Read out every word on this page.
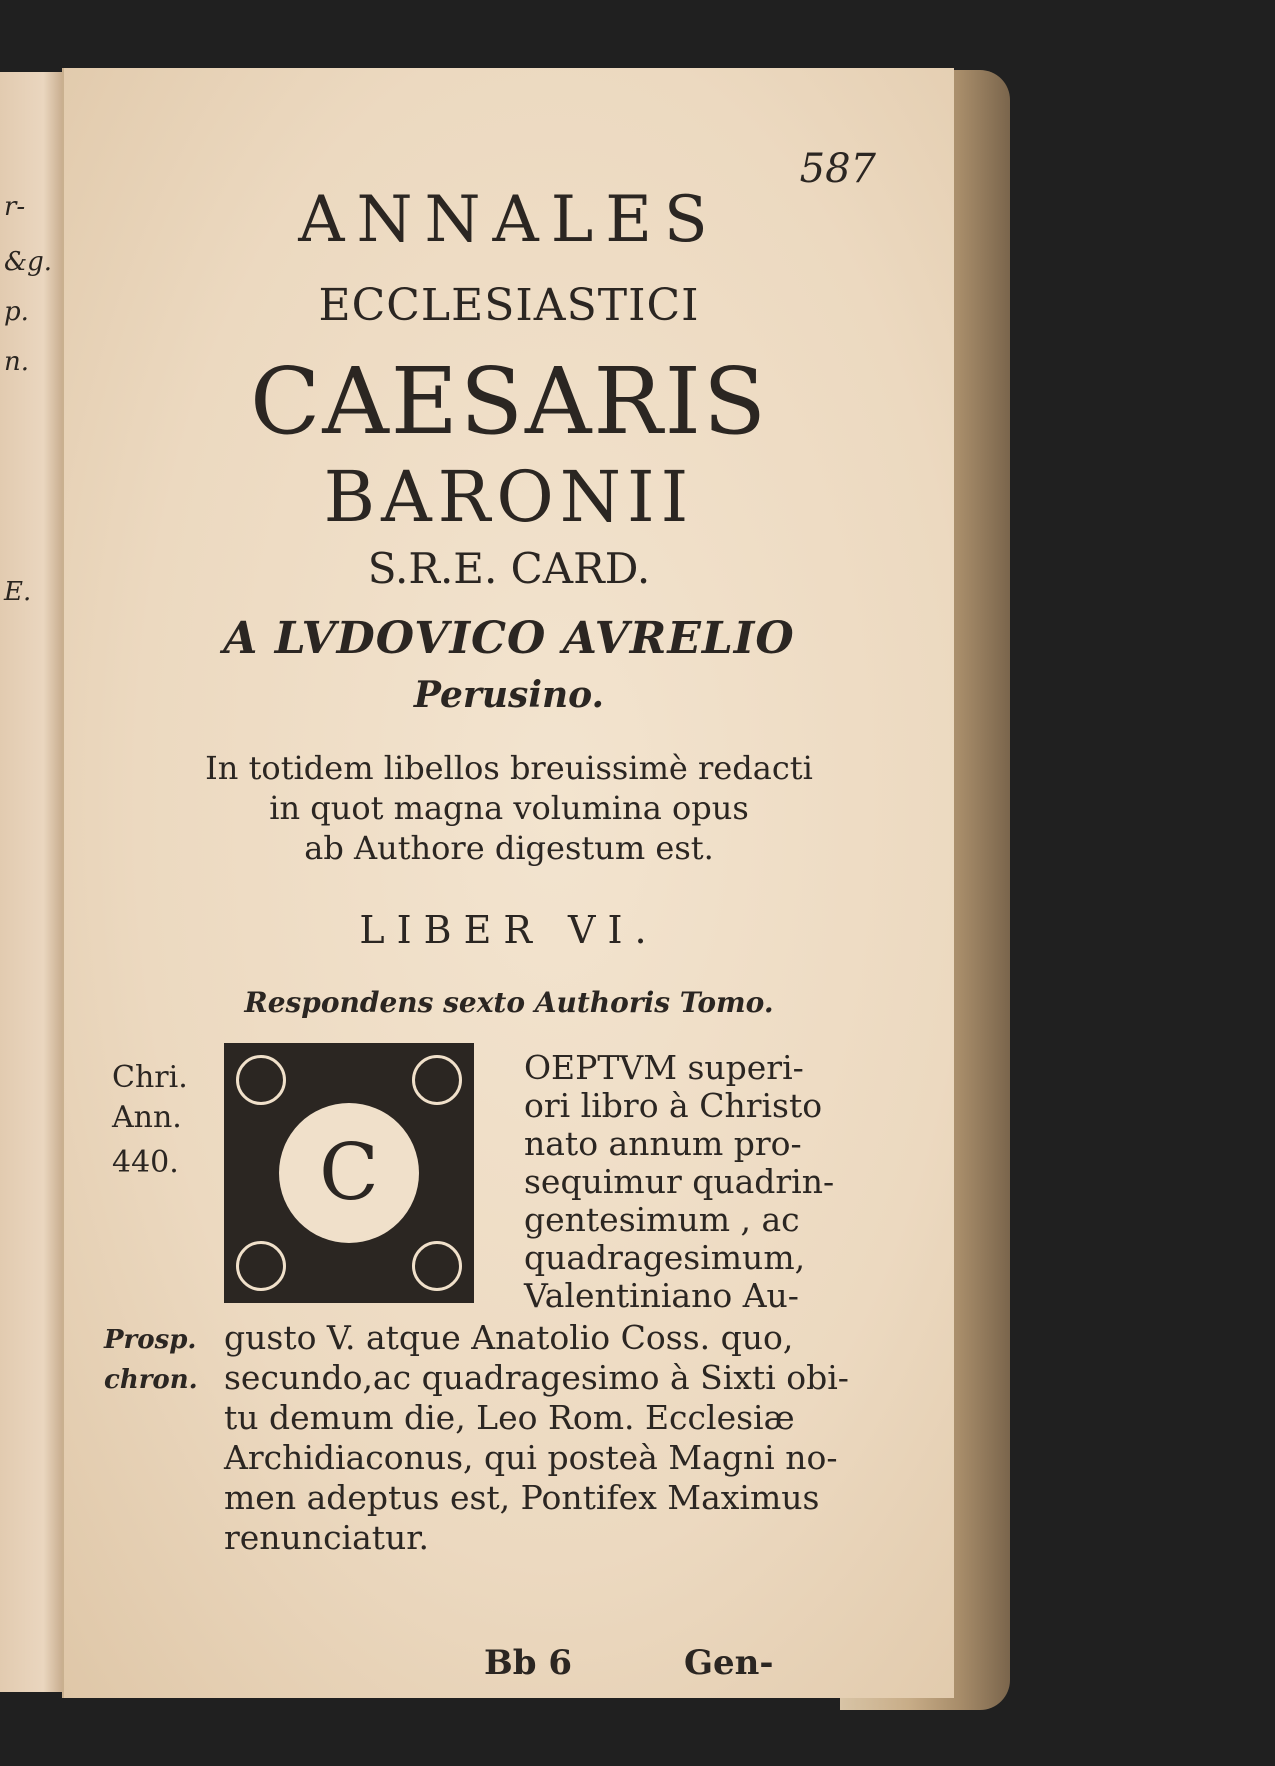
r-
&g.
p.
n.
E.
587
ANNALES
ECCLESIASTICI
CAESARIS
BARONII
S.R.E. CARD.
A LVDOVICO AVRELIO
Perusino.
In totidem libellos breuissimè redacti
in quot magna volumina opus
ab Authore digestum est.
LIBER VI.
Respondens sexto Authoris Tomo.
Chri.
Ann.
440.
Prosp.
chron.
C
OEPTVM superi-
ori libro à Christo
nato annum pro-
sequimur quadrin-
gentesimum , ac
quadragesimum,
Valentiniano Au-
gusto V. atque Anatolio Coss. quo,
secundo,ac quadragesimo à Sixti obi-
tu demum die, Leo Rom. Ecclesiæ
Archidiaconus, qui posteà Magni no-
men adeptus est, Pontifex Maximus
renunciatur.
Bb 6	Gen-
